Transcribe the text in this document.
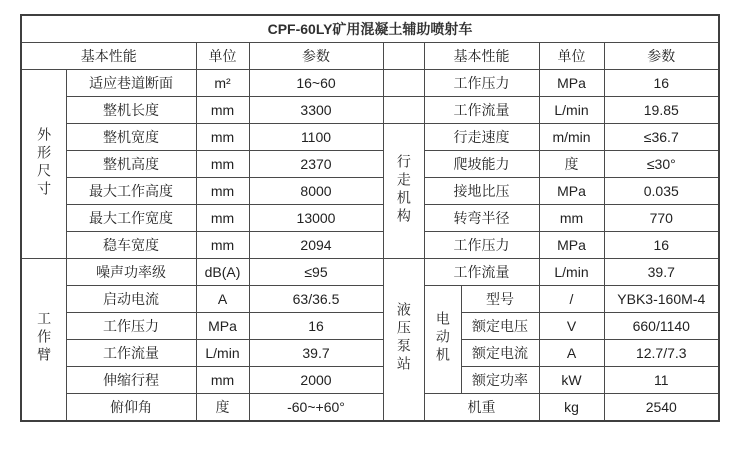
CPF-60LY矿用混凝土辅助喷射车								
基本性能		单位	参数		基本性能		单位	参数
外形尺寸	适应巷道断面	m²	16~60		工作压力		MPa	16
	整机长度	mm	3300		工作流量		L/min	19.85
	整机宽度	mm	1100	行走机构	行走速度		m/min	≤36.7
	整机高度	mm	2370		爬坡能力		度	≤30°
	最大工作高度	mm	8000		接地比压		MPa	0.035
	最大工作宽度	mm	13000		转弯半径		mm	770
	稳车宽度	mm	2094		工作压力		MPa	16
工作臂	噪声功率级	dB(A)	≤95	液压泵站	工作流量		L/min	39.7
	启动电流	A	63/36.5		电动机	型号	/	YBK3-160M-4
	工作压力	MPa	16			额定电压	V	660/1140
	工作流量	L/min	39.7			额定电流	A	12.7/7.3
	伸缩行程	mm	2000			额定功率	kW	11
	俯仰角	度	-60~+60°		机重		kg	2540
